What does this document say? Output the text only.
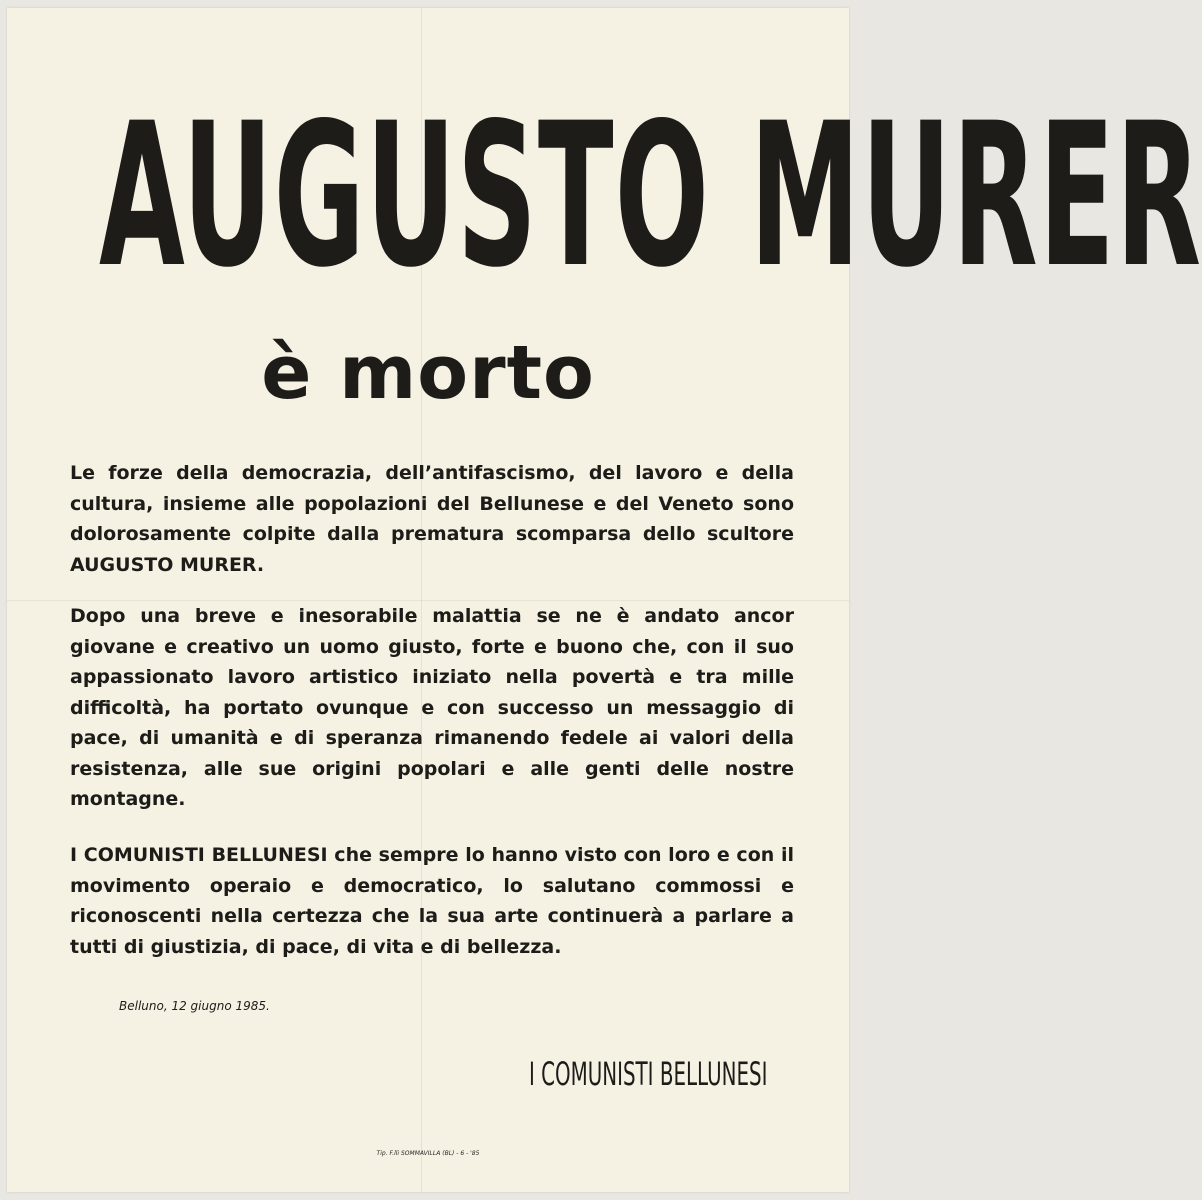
AUGUSTO MURER
è morto

Le forze della democrazia, dell’antifascismo, del lavoro e della cultura, insieme alle popolazioni del Bellunese e del Veneto sono dolorosamente colpite dalla prematura scomparsa dello scultore AUGUSTO MURER.

Dopo una breve e inesorabile malattia se ne è andato ancor giovane e creativo un uomo giusto, forte e buono che, con il suo appassionato lavoro artistico iniziato nella povertà e tra mille difficoltà, ha portato ovunque e con successo un messaggio di pace, di umanità e di speranza rimanendo fedele ai valori della resistenza, alle sue origini popolari e alle genti delle nostre montagne.

I COMUNISTI BELLUNESI che sempre lo hanno visto con loro e con il movimento operaio e democratico, lo salutano commossi e riconoscenti nella certezza che la sua arte continuerà a parlare a tutti di giustizia, di pace, di vita e di bellezza.

Belluno, 12 giugno 1985.
I COMUNISTI BELLUNESI
Tip. F.lli SOMMAVILLA (BL) - 6 - '85
